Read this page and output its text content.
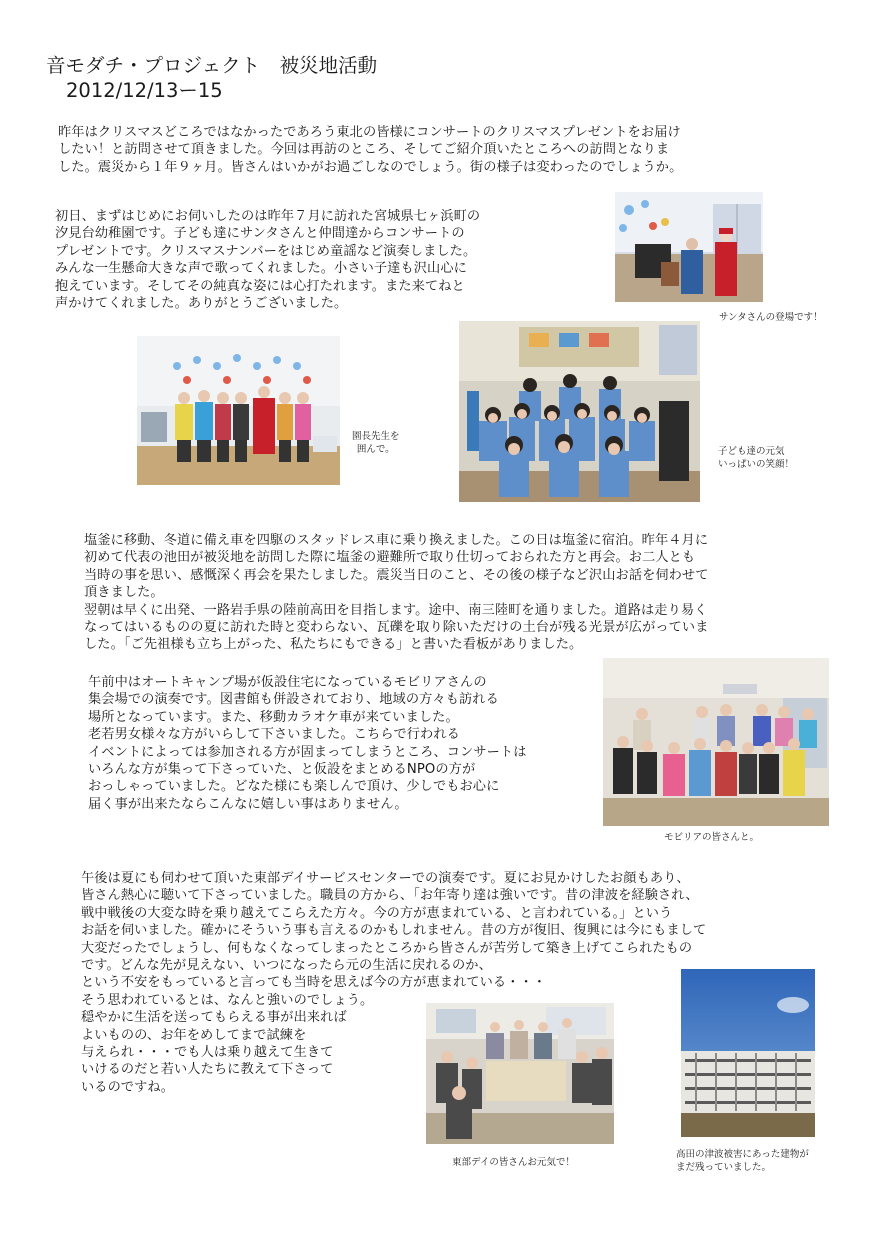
音モダチ・プロジェクト　被災地活動
2012/12/13ー15
昨年はクリスマスどころではなかったであろう東北の皆様にコンサートのクリスマスプレゼントをお届け
したい！と訪問させて頂きました。今回は再訪のところ、そしてご紹介頂いたところへの訪問となりま
した。震災から１年９ヶ月。皆さんはいかがお過ごしなのでしょう。街の様子は変わったのでしょうか。
初日、まずはじめにお伺いしたのは昨年７月に訪れた宮城県七ヶ浜町の
汐見台幼稚園です。子ども達にサンタさんと仲間達からコンサートの
プレゼントです。クリスマスナンバーをはじめ童謡など演奏しました。
みんな一生懸命大きな声で歌ってくれました。小さい子達も沢山心に
抱えています。そしてその純真な姿には心打たれます。また来てねと
声かけてくれました。ありがとうございました。
サンタさんの登場です！
園長先生を
囲んで。	子ども達の元気
いっぱいの笑顔！
塩釜に移動、冬道に備え車を四駆のスタッドレス車に乗り換えました。この日は塩釜に宿泊。昨年４月に
初めて代表の池田が被災地を訪問した際に塩釜の避難所で取り仕切っておられた方と再会。お二人とも
当時の事を思い、感慨深く再会を果たしました。震災当日のこと、その後の様子など沢山お話を伺わせて
頂きました。
翌朝は早くに出発、一路岩手県の陸前高田を目指します。途中、南三陸町を通りました。道路は走り易く
なってはいるものの夏に訪れた時と変わらない、瓦礫を取り除いただけの土台が残る光景が広がっていま
した。「ご先祖様も立ち上がった、私たちにもできる」と書いた看板がありました。
午前中はオートキャンプ場が仮設住宅になっているモビリアさんの
集会場での演奏です。図書館も併設されており、地域の方々も訪れる
場所となっています。また、移動カラオケ車が来ていました。
老若男女様々な方がいらして下さいました。こちらで行われる
イベントによっては参加される方が固まってしまうところ、コンサートは
いろんな方が集って下さっていた、と仮設をまとめるNPOの方が
おっしゃっていました。どなた様にも楽しんで頂け、少しでもお心に
届く事が出来たならこんなに嬉しい事はありません。
モビリアの皆さんと。
午後は夏にも伺わせて頂いた東部デイサービスセンターでの演奏です。夏にお見かけしたお顔もあり、
皆さん熱心に聴いて下さっていました。職員の方から、「お年寄り達は強いです。昔の津波を経験され、
戦中戦後の大変な時を乗り越えてこらえた方々。今の方が恵まれている、と言われている。」という
お話を伺いました。確かにそういう事も言えるのかもしれません。昔の方が復旧、復興には今にもまして
大変だったでしょうし、何もなくなってしまったところから皆さんが苦労して築き上げてこられたもの
です。どんな先が見えない、いつになったら元の生活に戻れるのか、
という不安をもっていると言っても当時を思えば今の方が恵まれている・・・
そう思われているとは、なんと強いのでしょう。
穏やかに生活を送ってもらえる事が出来れば
よいものの、お年をめしてまで試練を
与えられ・・・でも人は乗り越えて生きて
いけるのだと若い人たちに教えて下さって
いるのですね。
東部デイの皆さんお元気で！
高田の津波被害にあった建物が
まだ残っていました。
